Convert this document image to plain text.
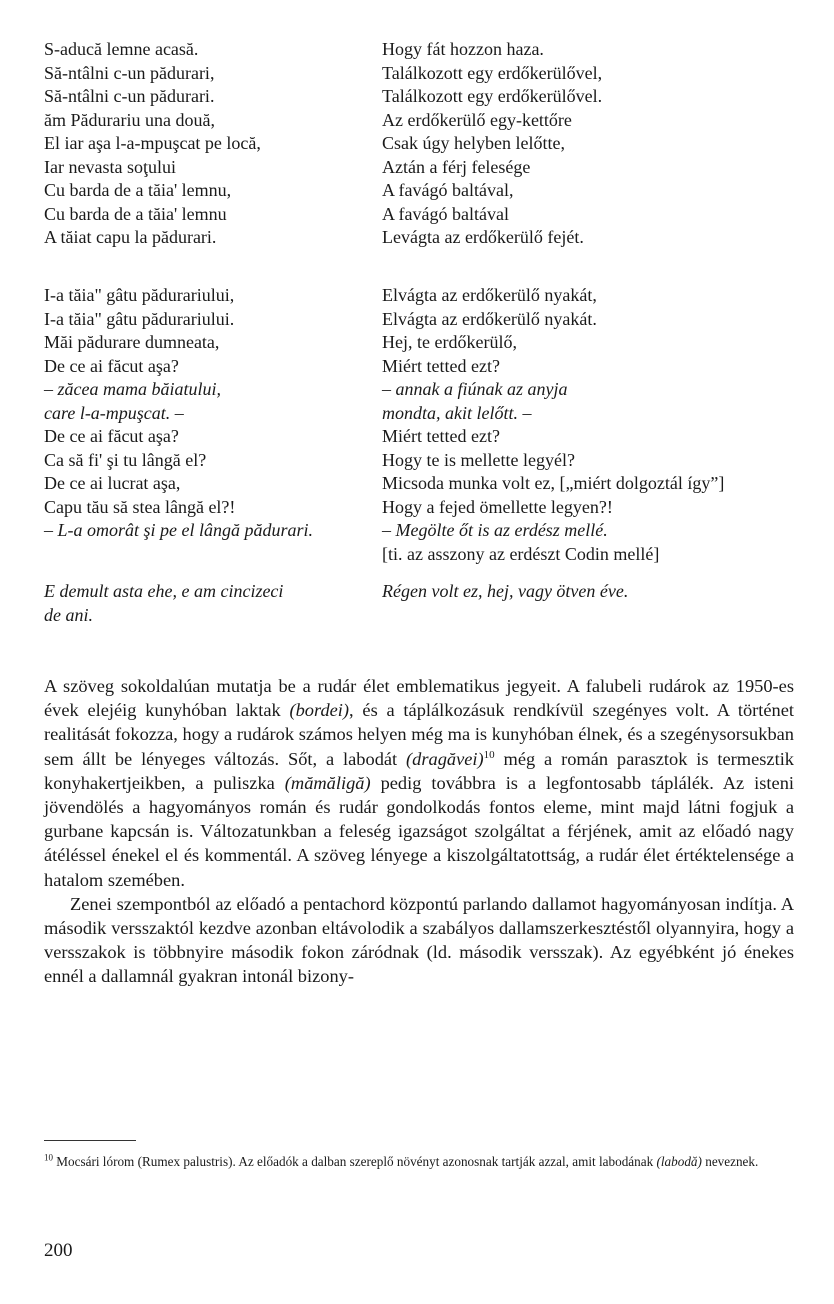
S-aducă lemne acasă.
Să-ntâlni c-un pădurari,
Să-ntâlni c-un pădurari.
ăm Pădurariu una două,
El iar aşa l-a-mpuşcat pe locă,
Iar nevasta soţului
Cu barda de a tăia' lemnu,
Cu barda de a tăia' lemnu
A tăiat capu la pădurari.
Hogy fát hozzon haza.
Találkozott egy erdőkerülővel,
Találkozott egy erdőkerülővel.
Az erdőkerülő egy-kettőre
Csak úgy helyben lelőtte,
Aztán a férj felesége
A favágó baltával,
A favágó baltával
Levágta az erdőkerülő fejét.
I-a tăia" gâtu pădurariului,
I-a tăia" gâtu pădurariului.
Măi pădurare dumneata,
De ce ai făcut aşa?
– zăcea mama băiatului,
care l-a-mpuşcat. –
De ce ai făcut aşa?
Ca să fi' şi tu lângă el?
De ce ai lucrat aşa,
Capu tău să stea lângă el?!
– L-a omorât şi pe el lângă pădurari.
Elvágta az erdőkerülő nyakát,
Elvágta az erdőkerülő nyakát.
Hej, te erdőkerülő,
Miért tetted ezt?
– annak a fiúnak az anyja
mondta, akit lelőtt. –
Miért tetted ezt?
Hogy te is mellette legyél?
Micsoda munka volt ez, [„miért dolgoztál így”]
Hogy a fejed ömellette legyen?!
– Megölte őt is az erdész mellé.
[ti. az asszony az erdészt Codin mellé]
E demult asta ehe, e am cincizeci
de ani.
Régen volt ez, hej, vagy ötven éve.

A szöveg sokoldalúan mutatja be a rudár élet emblematikus jegyeit. A falubeli rudárok az 1950-es évek elejéig kunyhóban laktak (bordei), és a táplálkozásuk rendkívül szegényes volt. A történet realitását fokozza, hogy a rudárok számos helyen még ma is kunyhóban élnek, és a szegénysorsukban sem állt be lényeges változás. Sőt, a labodát (dragăvei)$^{10}$ még a román parasztok is termesztik konyhakertjeikben, a puliszka (mămăligă) pedig továbbra is a legfontosabb táplálék. Az isteni jövendölés a hagyományos román és rudár gondolkodás fontos eleme, mint majd látni fogjuk a gurbane kapcsán is. Változatunkban a feleség igazságot szolgáltat a férjének, amit az előadó nagy átéléssel énekel el és kommentál. A szöveg lényege a kiszolgáltatottság, a rudár élet értéktelensége a hatalom szemében.

Zenei szempontból az előadó a pentachord központú parlando dallamot hagyományosan indítja. A második versszaktól kezdve azonban eltávolodik a szabályos dallamszerkesztéstől olyannyira, hogy a versszakok is többnyire második fokon záródnak (ld. második versszak). Az egyébként jó énekes ennél a dallamnál gyakran intonál bizony-

$^{10}$ Mocsári lórom (Rumex palustris). Az előadók a dalban szereplő növényt azonosnak tartják azzal, amit labodának (labodă) neveznek.
200
